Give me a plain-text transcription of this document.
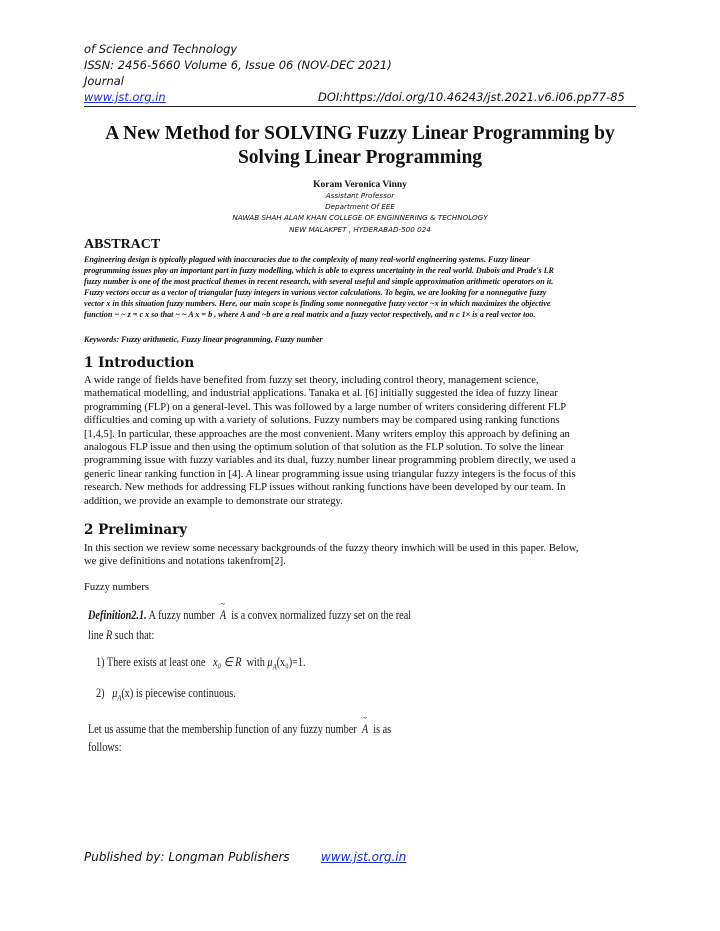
of Science and Technology
ISSN: 2456-5660 Volume 6, Issue 06 (NOV-DEC 2021)
Journal
www.jst.org.in	DOI:https://doi.org/10.46243/jst.2021.v6.i06.pp77-85
A New Method for SOLVING Fuzzy Linear Programming by
Solving Linear Programming
Koram Veronica Vinny
Assistant Professor
Department Of EEE
NAWAB SHAH ALAM KHAN COLLEGE OF ENGINNERING & TECHNOLOGY
NEW MALAKPET , HYDERABAD-500 024
ABSTRACT
Engineering design is typically plagued with inaccuracies due to the complexity of many real-world engineering systems. Fuzzy linear
programming issues play an important part in fuzzy modelling, which is able to express uncertainty in the real world. Dubois and Prade's LR
fuzzy number is one of the most practical themes in recent research, with several useful and simple approximation arithmetic operators on it.
Fuzzy vectors occur as a vector of triangular fuzzy integers in various vector calculations. To begin, we are looking for a nonnegative fuzzy
vector x in this situation fuzzy numbers. Here, our main scope is finding some nonnegative fuzzy vector ~x in which maximizes the objective
function ~ ~ z = c x so that ~ ~ A x = b , where A and ~b are a real matrix and a fuzzy vector respectively, and n c 1× is a real vector too.
Keywords: Fuzzy arithmetic, Fuzzy linear programming, Fuzzy number
1 Introduction
A wide range of fields have benefited from fuzzy set theory, including control theory, management science,
mathematical modelling, and industrial applications. Tanaka et al. [6] initially suggested the idea of fuzzy linear
programming (FLP) on a general-level. This was followed by a large number of writers considering different FLP
difficulties and coming up with a variety of solutions. Fuzzy numbers may be compared using ranking functions
[1,4,5]. In particular, these approaches are the most convenient. Many writers employ this approach by defining an
analogous FLP issue and then using the optimum solution of that solution as the FLP solution. To solve the linear
programming issue with fuzzy variables and its dual, fuzzy number linear programming problem directly, we used a
generic linear ranking function in [4]. A linear programming issue using triangular fuzzy integers is the focus of this
research. New methods for addressing FLP issues without ranking functions have been developed by our team. In
addition, we provide an example to demonstrate our strategy.
2 Preliminary
In this section we review some necessary backgrounds of the fuzzy theory inwhich will be used in this paper. Below,
we give definitions and notations takenfrom[2].
Fuzzy numbers
Definition2.1. A fuzzy number
~
A is a convex normalized fuzzy set on the real
line R such that:
1) There exists at least one x₀ ∈ R with $\mu_A(x_0)=1$.
2) $\mu_A(x)$ is piecewise continuous.
Let us assume that the membership function of any fuzzy number
~
A is as
follows:
Published by: Longman Publishers	www.jst.org.in
